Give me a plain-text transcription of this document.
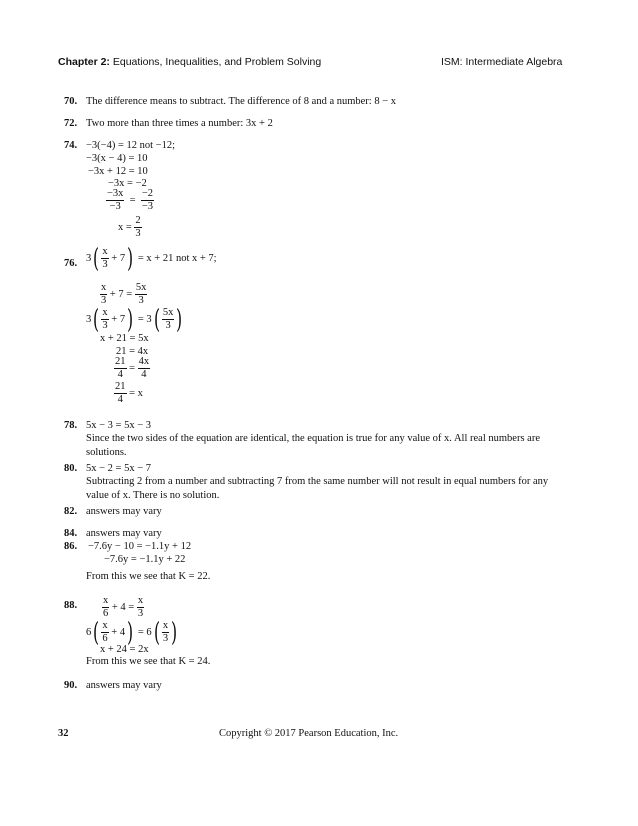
Chapter 2: Equations, Inequalities, and Problem Solving	ISM: Intermediate Algebra
70. The difference means to subtract. The difference of 8 and a number: 8 − x
72. Two more than three times a number: 3x + 2
74. −3(−4) = 12 not −12;
−3(x − 4) = 10
−3x + 12 = 10
−3x = −2
$\frac{-3x}{-3} = \frac{-2}{-3}$
$x = \frac{2}{3}$
76. $3( \frac{x}{3} + 7) = x + 21$ not x + 7;
$\frac{x}{3} + 7 = \frac{5x}{3}$
$3( \frac{x}{3} + 7) = 3( \frac{5x}{3}$ )
x + 21 = 5x
21 = 4x
$\frac{21}{4} = \frac{4x}{4}$
$\frac{21}{4} = x$
78. 5x − 3 = 5x − 3
Since the two sides of the equation are identical, the equation is true for any value of x. All real numbers are solutions.
80. 5x − 2 = 5x − 7
Subtracting 2 from a number and subtracting 7 from the same number will not result in equal numbers for any value of x. There is no solution.
82. answers may vary
84. answers may vary
86. −7.6y − 10 = −1.1y + 12
−7.6y = −1.1y + 22
From this we see that K = 22.
88. $\frac{x}{6} + 4 = \frac{x}{3}$
$6( \frac{x}{6} + 4) = 6( \frac{x}{3}$ )
x + 24 = 2x
From this we see that K = 24.
90. answers may vary
32	Copyright © 2017 Pearson Education, Inc.
